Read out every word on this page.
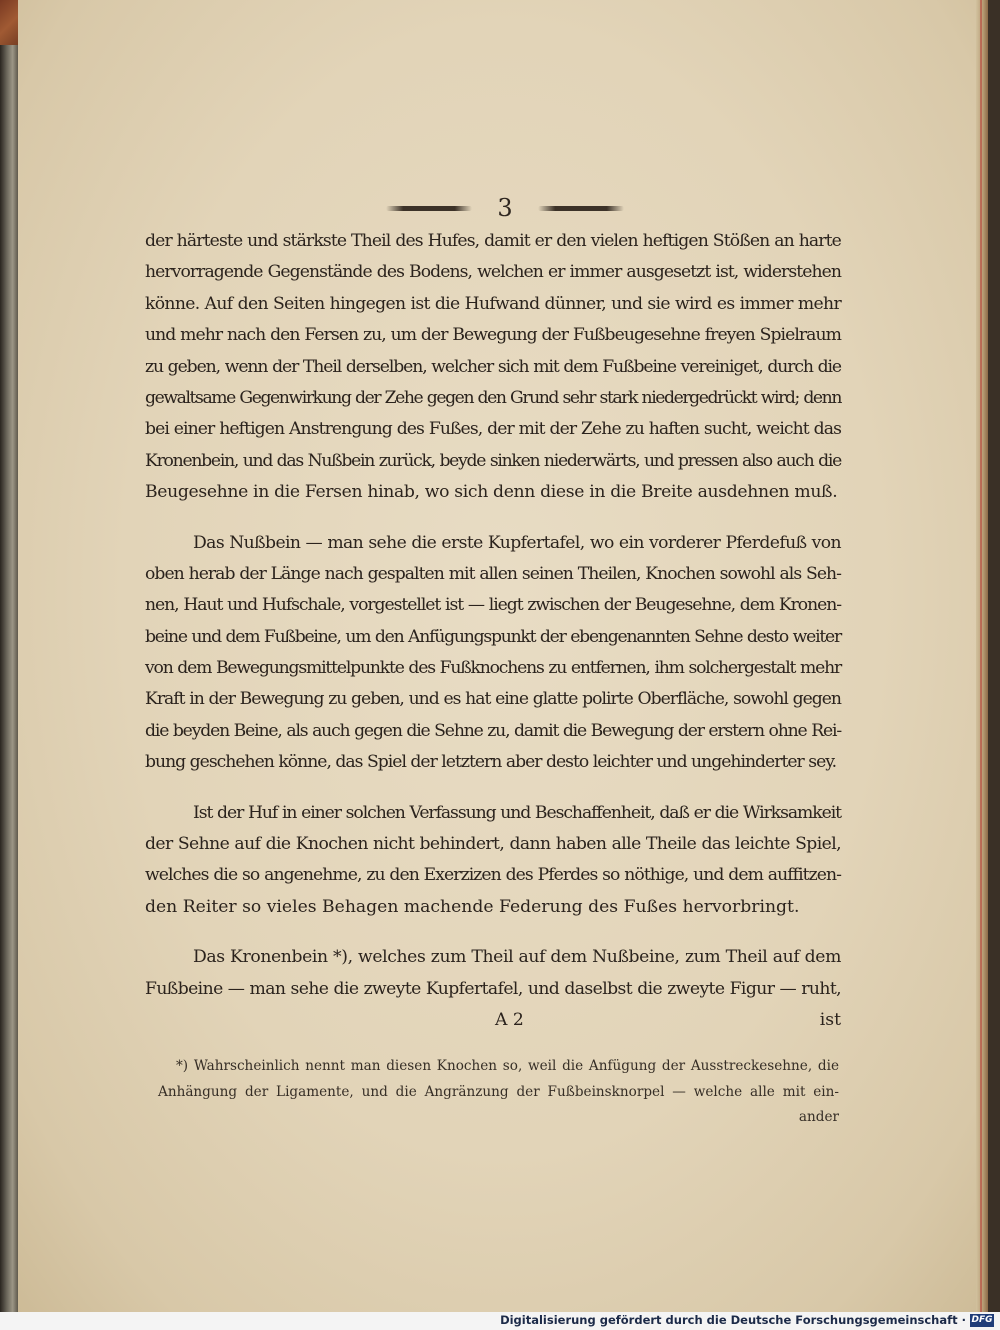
3
der härteste und stärkste Theil des Hufes, damit er den vielen heftigen Stößen an harte
hervorragende Gegenstände des Bodens, welchen er immer ausgesetzt ist, widerstehen
könne. Auf den Seiten hingegen ist die Hufwand dünner, und sie wird es immer mehr
und mehr nach den Fersen zu, um der Bewegung der Fußbeugesehne freyen Spielraum
zu geben, wenn der Theil derselben, welcher sich mit dem Fußbeine vereiniget, durch die
gewaltsame Gegenwirkung der Zehe gegen den Grund sehr stark niedergedrückt wird; denn
bei einer heftigen Anstrengung des Fußes, der mit der Zehe zu haften sucht, weicht das
Kronenbein, und das Nußbein zurück, beyde sinken niederwärts, und pressen also auch die
Beugesehne in die Fersen hinab, wo sich denn diese in die Breite ausdehnen muß.
Das Nußbein — man sehe die erste Kupfertafel, wo ein vorderer Pferdefuß von
oben herab der Länge nach gespalten mit allen seinen Theilen, Knochen sowohl als Seh-
nen, Haut und Hufschale, vorgestellet ist — liegt zwischen der Beugesehne, dem Kronen-
beine und dem Fußbeine, um den Anfügungspunkt der ebengenannten Sehne desto weiter
von dem Bewegungsmittelpunkte des Fußknochens zu entfernen, ihm solchergestalt mehr
Kraft in der Bewegung zu geben, und es hat eine glatte polirte Oberfläche, sowohl gegen
die beyden Beine, als auch gegen die Sehne zu, damit die Bewegung der erstern ohne Rei-
bung geschehen könne, das Spiel der letztern aber desto leichter und ungehinderter sey.
Ist der Huf in einer solchen Verfassung und Beschaffenheit, daß er die Wirksamkeit
der Sehne auf die Knochen nicht behindert, dann haben alle Theile das leichte Spiel,
welches die so angenehme, zu den Exerzizen des Pferdes so nöthige, und dem auffitzen-
den Reiter so vieles Behagen machende Federung des Fußes hervorbringt.
Das Kronenbein *), welches zum Theil auf dem Nußbeine, zum Theil auf dem
Fußbeine — man sehe die zweyte Kupfertafel, und daselbst die zweyte Figur — ruht,
A 2	ist
*) Wahrscheinlich nennt man diesen Knochen so, weil die Anfügung der Ausstreckesehne, die
Anhängung der Ligamente, und die Angränzung der Fußbeinsknorpel — welche alle mit ein-
ander
Digitalisierung gefördert durch die Deutsche Forschungsgemeinschaft · DFG
